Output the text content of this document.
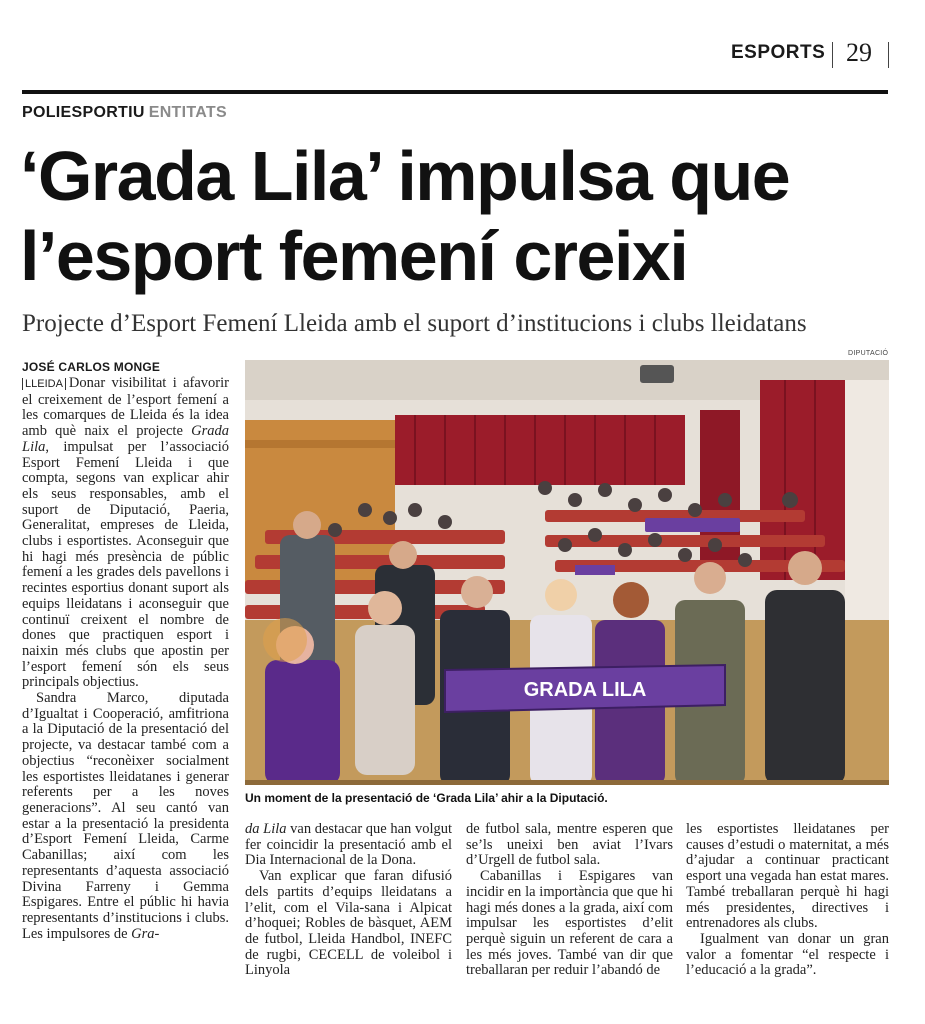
ESPORTS 29
POLIESPORTIU ENTITATS
‘Grada Lila’ impulsa que
l’esport femení creixi
Projecte d’Esport Femení Lleida amb el suport d’institucions i clubs lleidatans
JOSÉ CARLOS MONGE

LLEIDA Donar visibilitat i afavorir el creixement de l’esport femení a les comarques de Lleida és la idea amb què naix el projecte Grada Lila, impulsat per l’associació Esport Femení Lleida i que compta, segons van explicar ahir els seus responsables, amb el suport de Diputació, Paeria, Generalitat, empreses de Lleida, clubs i esportistes. Aconseguir que hi hagi més presència de públic femení a les grades dels pavellons i recintes esportius donant suport als equips lleidatans i aconseguir que continuï creixent el nombre de dones que practiquen esport i naixin més clubs que apostin per l’esport femení són els seus principals objectius.

Sandra Marco, diputada d’Igualtat i Cooperació, amfitriona a la Diputació de la presentació del projecte, va destacar també com a objectius “reconèixer socialment les esportistes lleidatanes i generar referents per a les noves generacions”. Al seu cantó van estar a la presentació la presidenta d’Esport Femení Lleida, Carme Cabanillas; així com les representants d’aquesta associació Divina Farreny i Gemma Espigares. Entre el públic hi havia representants d’institucions i clubs. Les impulsores de Gra-

DIPUTACIÓ
GRADA LILA
Un moment de la presentació de ‘Grada Lila’ ahir a la Diputació.

da Lila van destacar que han volgut fer coincidir la presentació amb el Dia Internacional de la Dona.

Van explicar que faran difusió dels partits d’equips lleidatans a l’elit, com el Vila-sana i Alpicat d’hoquei; Robles de bàsquet, AEM de futbol, Lleida Handbol, INEFC de rugbi, CECELL de voleibol i Linyola

de futbol sala, mentre esperen que se’ls uneixi ben aviat l’Ivars d’Urgell de futbol sala.

Cabanillas i Espigares van incidir en la importància que que hi hagi més dones a la grada, així com impulsar les esportistes d’elit perquè siguin un referent de cara a les més joves. També van dir que treballaran per reduir l’abandó de

les esportistes lleidatanes per causes d’estudi o maternitat, a més d’ajudar a continuar practicant esport una vegada han estat mares. També treballaran perquè hi hagi més presidentes, directives i entrenadores als clubs.

Igualment van donar un gran valor a fomentar “el respecte i l’educació a la grada”.
